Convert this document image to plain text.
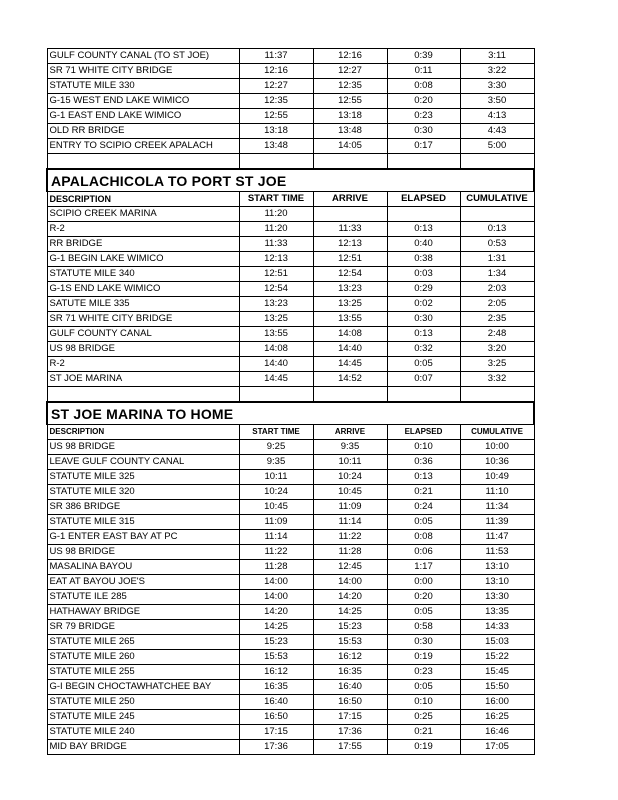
GULF COUNTY CANAL (TO ST JOE)	11:37	12:16	0:39	3:11
SR 71 WHITE CITY BRIDGE	12:16	12:27	0:11	3:22
STATUTE MILE 330	12:27	12:35	0:08	3:30
G-15 WEST END LAKE WIMICO	12:35	12:55	0:20	3:50
G-1 EAST END LAKE WIMICO	12:55	13:18	0:23	4:13
OLD RR BRIDGE	13:18	13:48	0:30	4:43
ENTRY TO SCIPIO CREEK APALACH	13:48	14:05	0:17	5:00

APALACHICOLA TO PORT ST JOE				
DESCRIPTION	START TIME	ARRIVE	ELAPSED	CUMULATIVE
SCIPIO CREEK MARINA	11:20			
R-2	11:20	11:33	0:13	0:13
RR BRIDGE	11:33	12:13	0:40	0:53
G-1 BEGIN LAKE WIMICO	12:13	12:51	0:38	1:31
STATUTE MILE 340	12:51	12:54	0:03	1:34
G-1S END LAKE WIMICO	12:54	13:23	0:29	2:03
SATUTE MILE 335	13:23	13:25	0:02	2:05
SR 71 WHITE CITY BRIDGE	13:25	13:55	0:30	2:35
GULF COUNTY CANAL	13:55	14:08	0:13	2:48
US 98 BRIDGE	14:08	14:40	0:32	3:20
R-2	14:40	14:45	0:05	3:25
ST JOE MARINA	14:45	14:52	0:07	3:32

ST JOE MARINA TO HOME				
DESCRIPTION	START TIME	ARRIVE	ELAPSED	CUMULATIVE
US 98 BRIDGE	9:25	9:35	0:10	10:00
LEAVE GULF COUNTY CANAL	9:35	10:11	0:36	10:36
STATUTE MILE 325	10:11	10:24	0:13	10:49
STATUTE MILE 320	10:24	10:45	0:21	11:10
SR 386 BRIDGE	10:45	11:09	0:24	11:34
STATUTE MILE 315	11:09	11:14	0:05	11:39
G-1 ENTER EAST BAY AT PC	11:14	11:22	0:08	11:47
US 98 BRIDGE	11:22	11:28	0:06	11:53
MASALINA BAYOU	11:28	12:45	1:17	13:10
EAT AT BAYOU JOE'S	14:00	14:00	0:00	13:10
STATUTE ILE 285	14:00	14:20	0:20	13:30
HATHAWAY BRIDGE	14:20	14:25	0:05	13:35
SR 79 BRIDGE	14:25	15:23	0:58	14:33
STATUTE MILE 265	15:23	15:53	0:30	15:03
STATUTE MILE 260	15:53	16:12	0:19	15:22
STATUTE MILE 255	16:12	16:35	0:23	15:45
G-I BEGIN CHOCTAWHATCHEE BAY	16:35	16:40	0:05	15:50
STATUTE MILE 250	16:40	16:50	0:10	16:00
STATUTE MILE 245	16:50	17:15	0:25	16:25
STATUTE MILE 240	17:15	17:36	0:21	16:46
MID BAY BRIDGE	17:36	17:55	0:19	17:05
